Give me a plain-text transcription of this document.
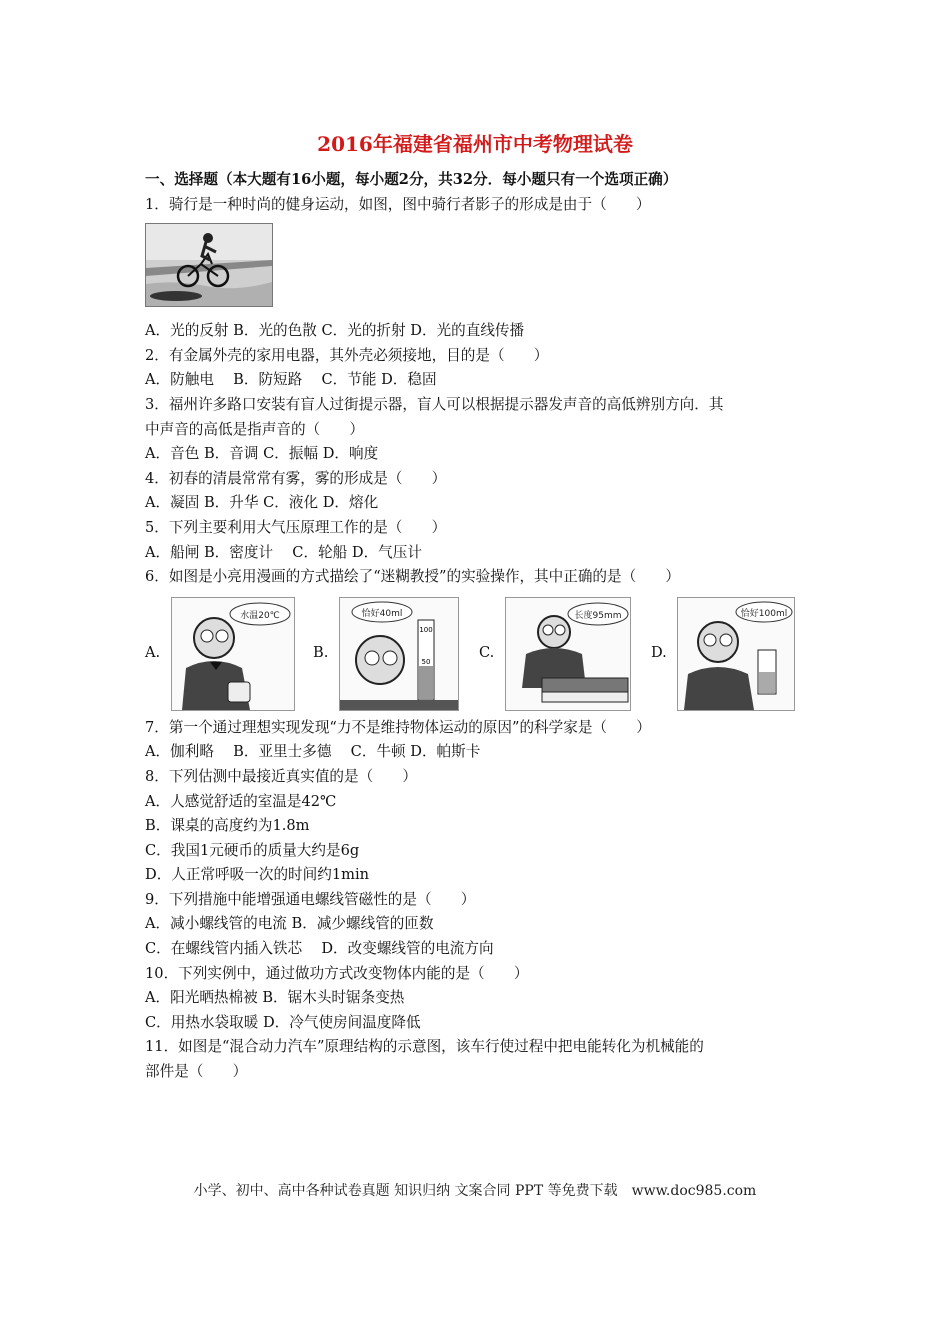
2016年福建省福州市中考物理试卷
一、选择题（本大题有16小题，每小题2分，共32分．每小题只有一个选项正确）
1．骑行是一种时尚的健身运动，如图，图中骑行者影子的形成是由于（　　）
A．光的反射 B．光的色散 C．光的折射 D．光的直线传播
2．有金属外壳的家用电器，其外壳必须接地，目的是（　　）
A．防触电　 B．防短路　 C．节能 D．稳固
3．福州许多路口安装有盲人过街提示器，盲人可以根据提示器发声音的高低辨别方向．其
中声音的高低是指声音的（　　）
A．音色 B．音调 C．振幅 D．响度
4．初春的清晨常常有雾，雾的形成是（　　）
A．凝固 B．升华 C．液化 D．熔化
5．下列主要利用大气压原理工作的是（　　）
A．船闸 B．密度计　 C．轮船 D．气压计
6．如图是小亮用漫画的方式描绘了“迷糊教授”的实验操作，其中正确的是（　　）
A.
水温20℃
B.
恰好40ml
100
50
C.
长度95mm
D.
恰好100ml
7．第一个通过理想实现发现“力不是维持物体运动的原因”的科学家是（　　）
A．伽利略　 B．亚里士多德　 C．牛顿 D．帕斯卡
8．下列估测中最接近真实值的是（　　）
A．人感觉舒适的室温是42℃
B．课桌的高度约为1.8m
C．我国1元硬币的质量大约是6g
D．人正常呼吸一次的时间约1min
9．下列措施中能增强通电螺线管磁性的是（　　）
A．减小螺线管的电流 B．减少螺线管的匝数
C．在螺线管内插入铁芯　 D．改变螺线管的电流方向
10．下列实例中，通过做功方式改变物体内能的是（　　）
A．阳光晒热棉被 B．锯木头时锯条变热
C．用热水袋取暖 D．冷气使房间温度降低
11．如图是“混合动力汽车”原理结构的示意图，该车行使过程中把电能转化为机械能的
部件是（　　）
小学、初中、高中各种试卷真题 知识归纳 文案合同 PPT 等免费下载　www.doc985.com
